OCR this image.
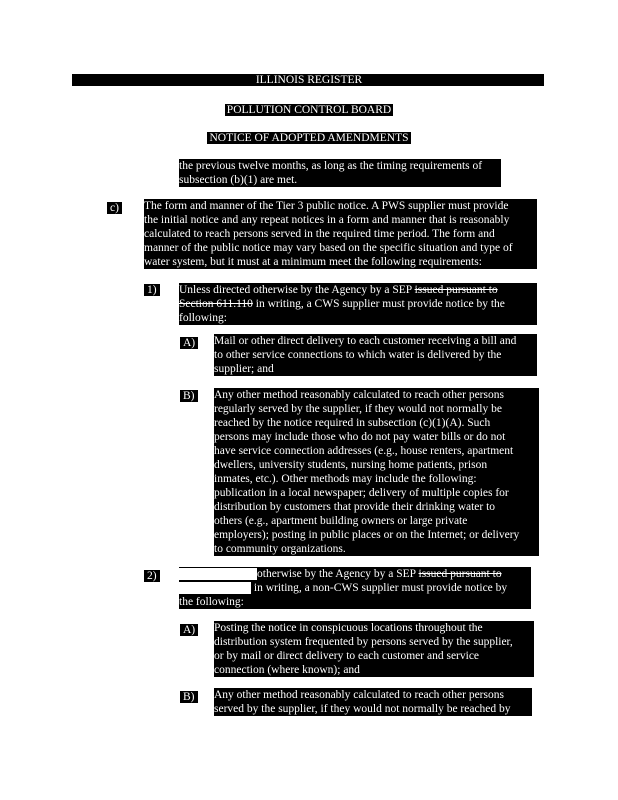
ILLINOIS REGISTER
POLLUTION CONTROL BOARD
NOTICE OF ADOPTED AMENDMENTS

the previous twelve months, as long as the timing requirements of

subsection (b)(1) are met.

c) The form and manner of the Tier 3 public notice. A PWS supplier must provide

the initial notice and any repeat notices in a form and manner that is reasonably

calculated to reach persons served in the required time period. The form and

manner of the public notice may vary based on the specific situation and type of

water system, but it must at a minimum meet the following requirements:

1) Unless directed otherwise by the Agency by a SEP issued pursuant to

Section 611.110 in writing, a CWS supplier must provide notice by the

following:

A) Mail or other direct delivery to each customer receiving a bill and

to other service connections to which water is delivered by the

supplier; and

B) Any other method reasonably calculated to reach other persons

regularly served by the supplier, if they would not normally be

reached by the notice required in subsection (c)(1)(A). Such

persons may include those who do not pay water bills or do not

have service connection addresses (e.g., house renters, apartment

dwellers, university students, nursing home patients, prison

inmates, etc.). Other methods may include the following:

publication in a local newspaper; delivery of multiple copies for

distribution by customers that provide their drinking water to

others (e.g., apartment building owners or large private

employers); posting in public places or on the Internet; or delivery

to community organizations.

2)	otherwise by the Agency by a SEP issued pursuant to

in writing, a non-CWS supplier must provide notice by

the following:

A) Posting the notice in conspicuous locations throughout the

distribution system frequented by persons served by the supplier,

or by mail or direct delivery to each customer and service

connection (where known); and

B) Any other method reasonably calculated to reach other persons

served by the supplier, if they would not normally be reached by
